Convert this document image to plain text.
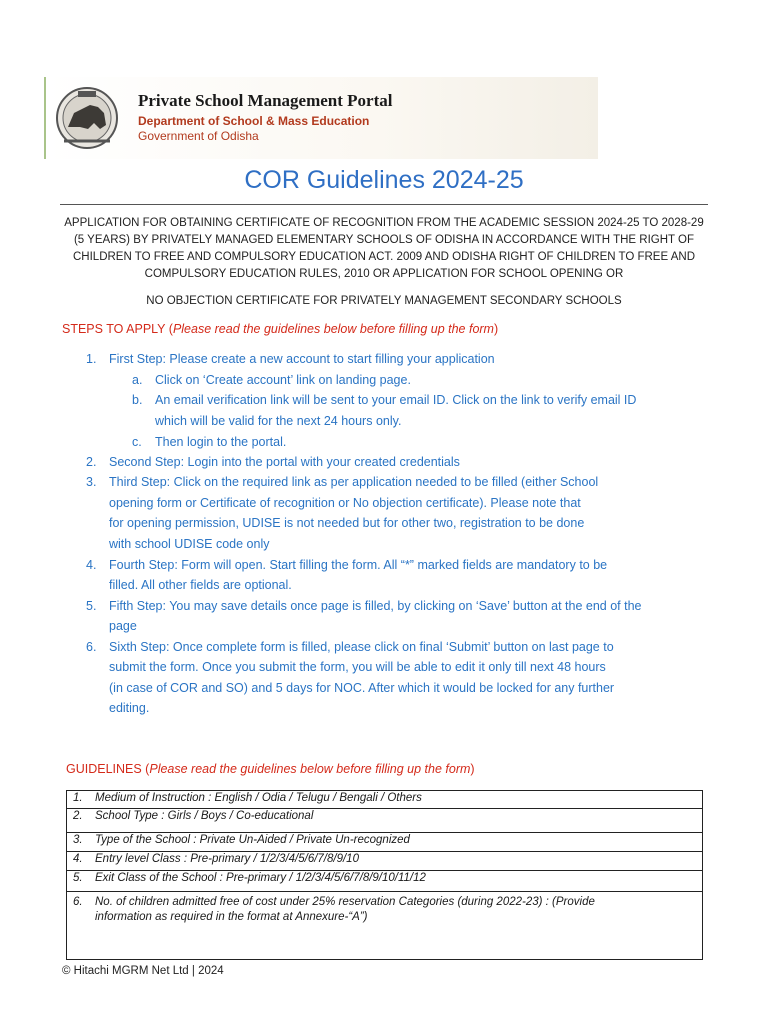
Private School Management Portal
Department of School & Mass Education
Government of Odisha
COR Guidelines 2024-25
APPLICATION FOR OBTAINING CERTIFICATE OF RECOGNITION FROM THE ACADEMIC SESSION 2024-25 TO 2028-29
(5 YEARS) BY PRIVATELY MANAGED ELEMENTARY SCHOOLS OF ODISHA IN ACCORDANCE WITH THE RIGHT OF
CHILDREN TO FREE AND COMPULSORY EDUCATION ACT. 2009 AND ODISHA RIGHT OF CHILDREN TO FREE AND
COMPULSORY EDUCATION RULES, 2010 OR APPLICATION FOR SCHOOL OPENING OR
NO OBJECTION CERTIFICATE FOR PRIVATELY MANAGEMENT SECONDARY SCHOOLS
STEPS TO APPLY (Please read the guidelines below before filling up the form)
1. First Step: Please create a new account to start filling your application
a. Click on ‘Create account’ link on landing page.
b. An email verification link will be sent to your email ID. Click on the link to verify email ID
which will be valid for the next 24 hours only.
c. Then login to the portal.
2. Second Step: Login into the portal with your created credentials
3. Third Step: Click on the required link as per application needed to be filled (either School
opening form or Certificate of recognition or No objection certificate). Please note that
for opening permission, UDISE is not needed but for other two, registration to be done
with school UDISE code only
4. Fourth Step: Form will open. Start filling the form. All “*” marked fields are mandatory to be
filled. All other fields are optional.
5. Fifth Step: You may save details once page is filled, by clicking on ‘Save’ button at the end of the
page
6. Sixth Step: Once complete form is filled, please click on final ‘Submit’ button on last page to
submit the form. Once you submit the form, you will be able to edit it only till next 48 hours
(in case of COR and SO) and 5 days for NOC. After which it would be locked for any further
editing.
GUIDELINES (Please read the guidelines below before filling up the form)
1. Medium of Instruction : English / Odia / Telugu / Bengali / Others
2. School Type : Girls / Boys / Co-educational
3. Type of the School : Private Un-Aided / Private Un-recognized
4. Entry level Class : Pre-primary / 1/2/3/4/5/6/7/8/9/10
5. Exit Class of the School : Pre-primary / 1/2/3/4/5/6/7/8/9/10/11/12
6. No. of children admitted free of cost under 25% reservation Categories (during 2022-23) : (Provide
information as required in the format at Annexure-“A”)
© Hitachi MGRM Net Ltd | 2024
